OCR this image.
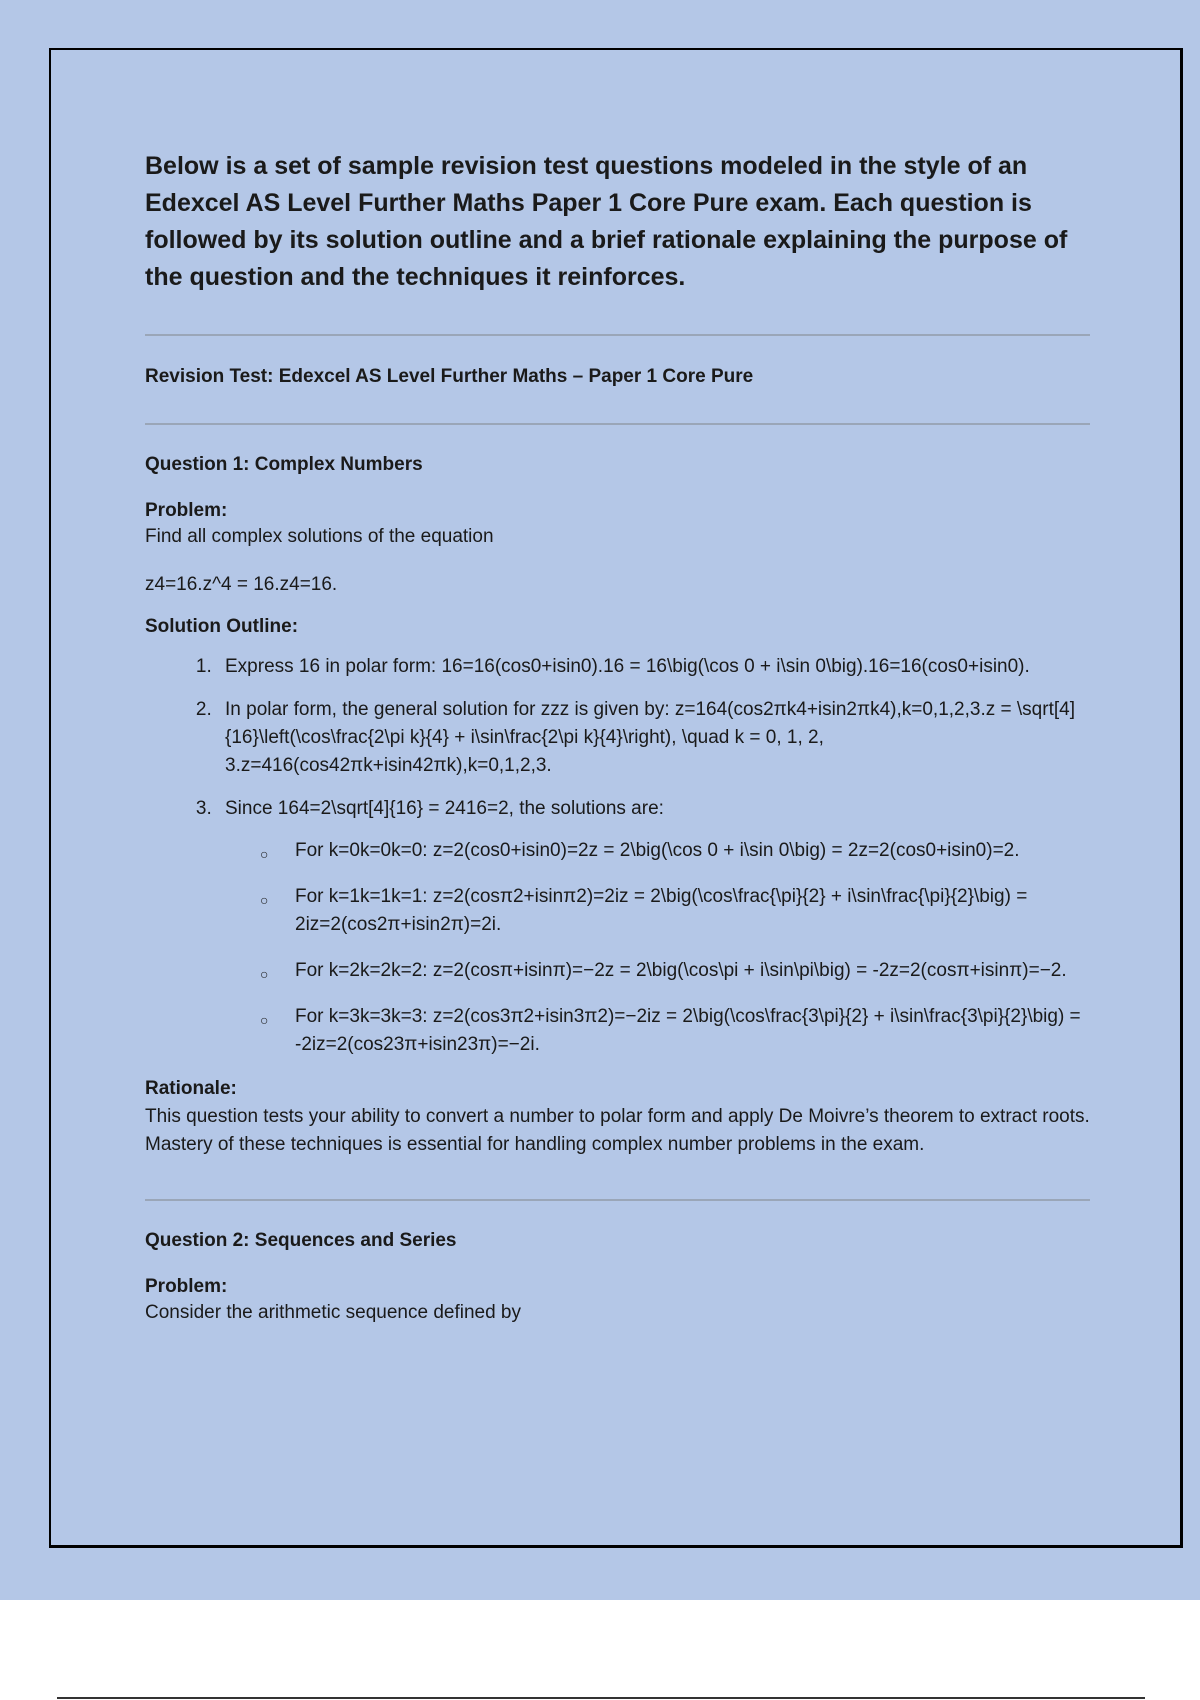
Below is a set of sample revision test questions modeled in the style of an Edexcel AS Level Further Maths Paper 1 Core Pure exam. Each question is followed by its solution outline and a brief rationale explaining the purpose of the question and the techniques it reinforces.

Revision Test: Edexcel AS Level Further Maths – Paper 1 Core Pure

Question 1: Complex Numbers

Problem:

Find all complex solutions of the equation

z4=16.z^4 = 16.z4=16.

Solution Outline:

1. Express 16 in polar form: 16=16(cos⁡0+isin⁡0).16 = 16\big(\cos 0 + i\sin 0\big).16=16(cos0+isin0).
2. In polar form, the general solution for zzz is given by: z=164(cos⁡2πk4+isin⁡2πk4),k=0,1,2,3.z = \sqrt[4]{16}\left(\cos\frac{2\pi k}{4} + i\sin\frac{2\pi k}{4}\right), \quad k = 0, 1, 2, 3.z=416(cos42πk+isin42πk),k=0,1,2,3.
3. Since 164=2\sqrt[4]{16} = 2416=2, the solutions are:
○ For k=0k=0k=0: z=2(cos⁡0+isin⁡0)=2z = 2\big(\cos 0 + i\sin 0\big) = 2z=2(cos0+isin0)=2.
○ For k=1k=1k=1: z=2(cos⁡π2+isin⁡π2)=2iz = 2\big(\cos\frac{\pi}{2} + i\sin\frac{\pi}{2}\big) = 2iz=2(cos2π+isin2π)=2i.
○ For k=2k=2k=2: z=2(cos⁡π+isin⁡π)=−2z = 2\big(\cos\pi + i\sin\pi\big) = -2z=2(cosπ+isinπ)=−2.
○ For k=3k=3k=3: z=2(cos⁡3π2+isin⁡3π2)=−2iz = 2\big(\cos\frac{3\pi}{2} + i\sin\frac{3\pi}{2}\big) = -2iz=2(cos23π+isin23π)=−2i.

Rationale:

This question tests your ability to convert a number to polar form and apply De Moivre’s theorem to extract roots. Mastery of these techniques is essential for handling complex number problems in the exam.

Question 2: Sequences and Series

Problem:

Consider the arithmetic sequence defined by
